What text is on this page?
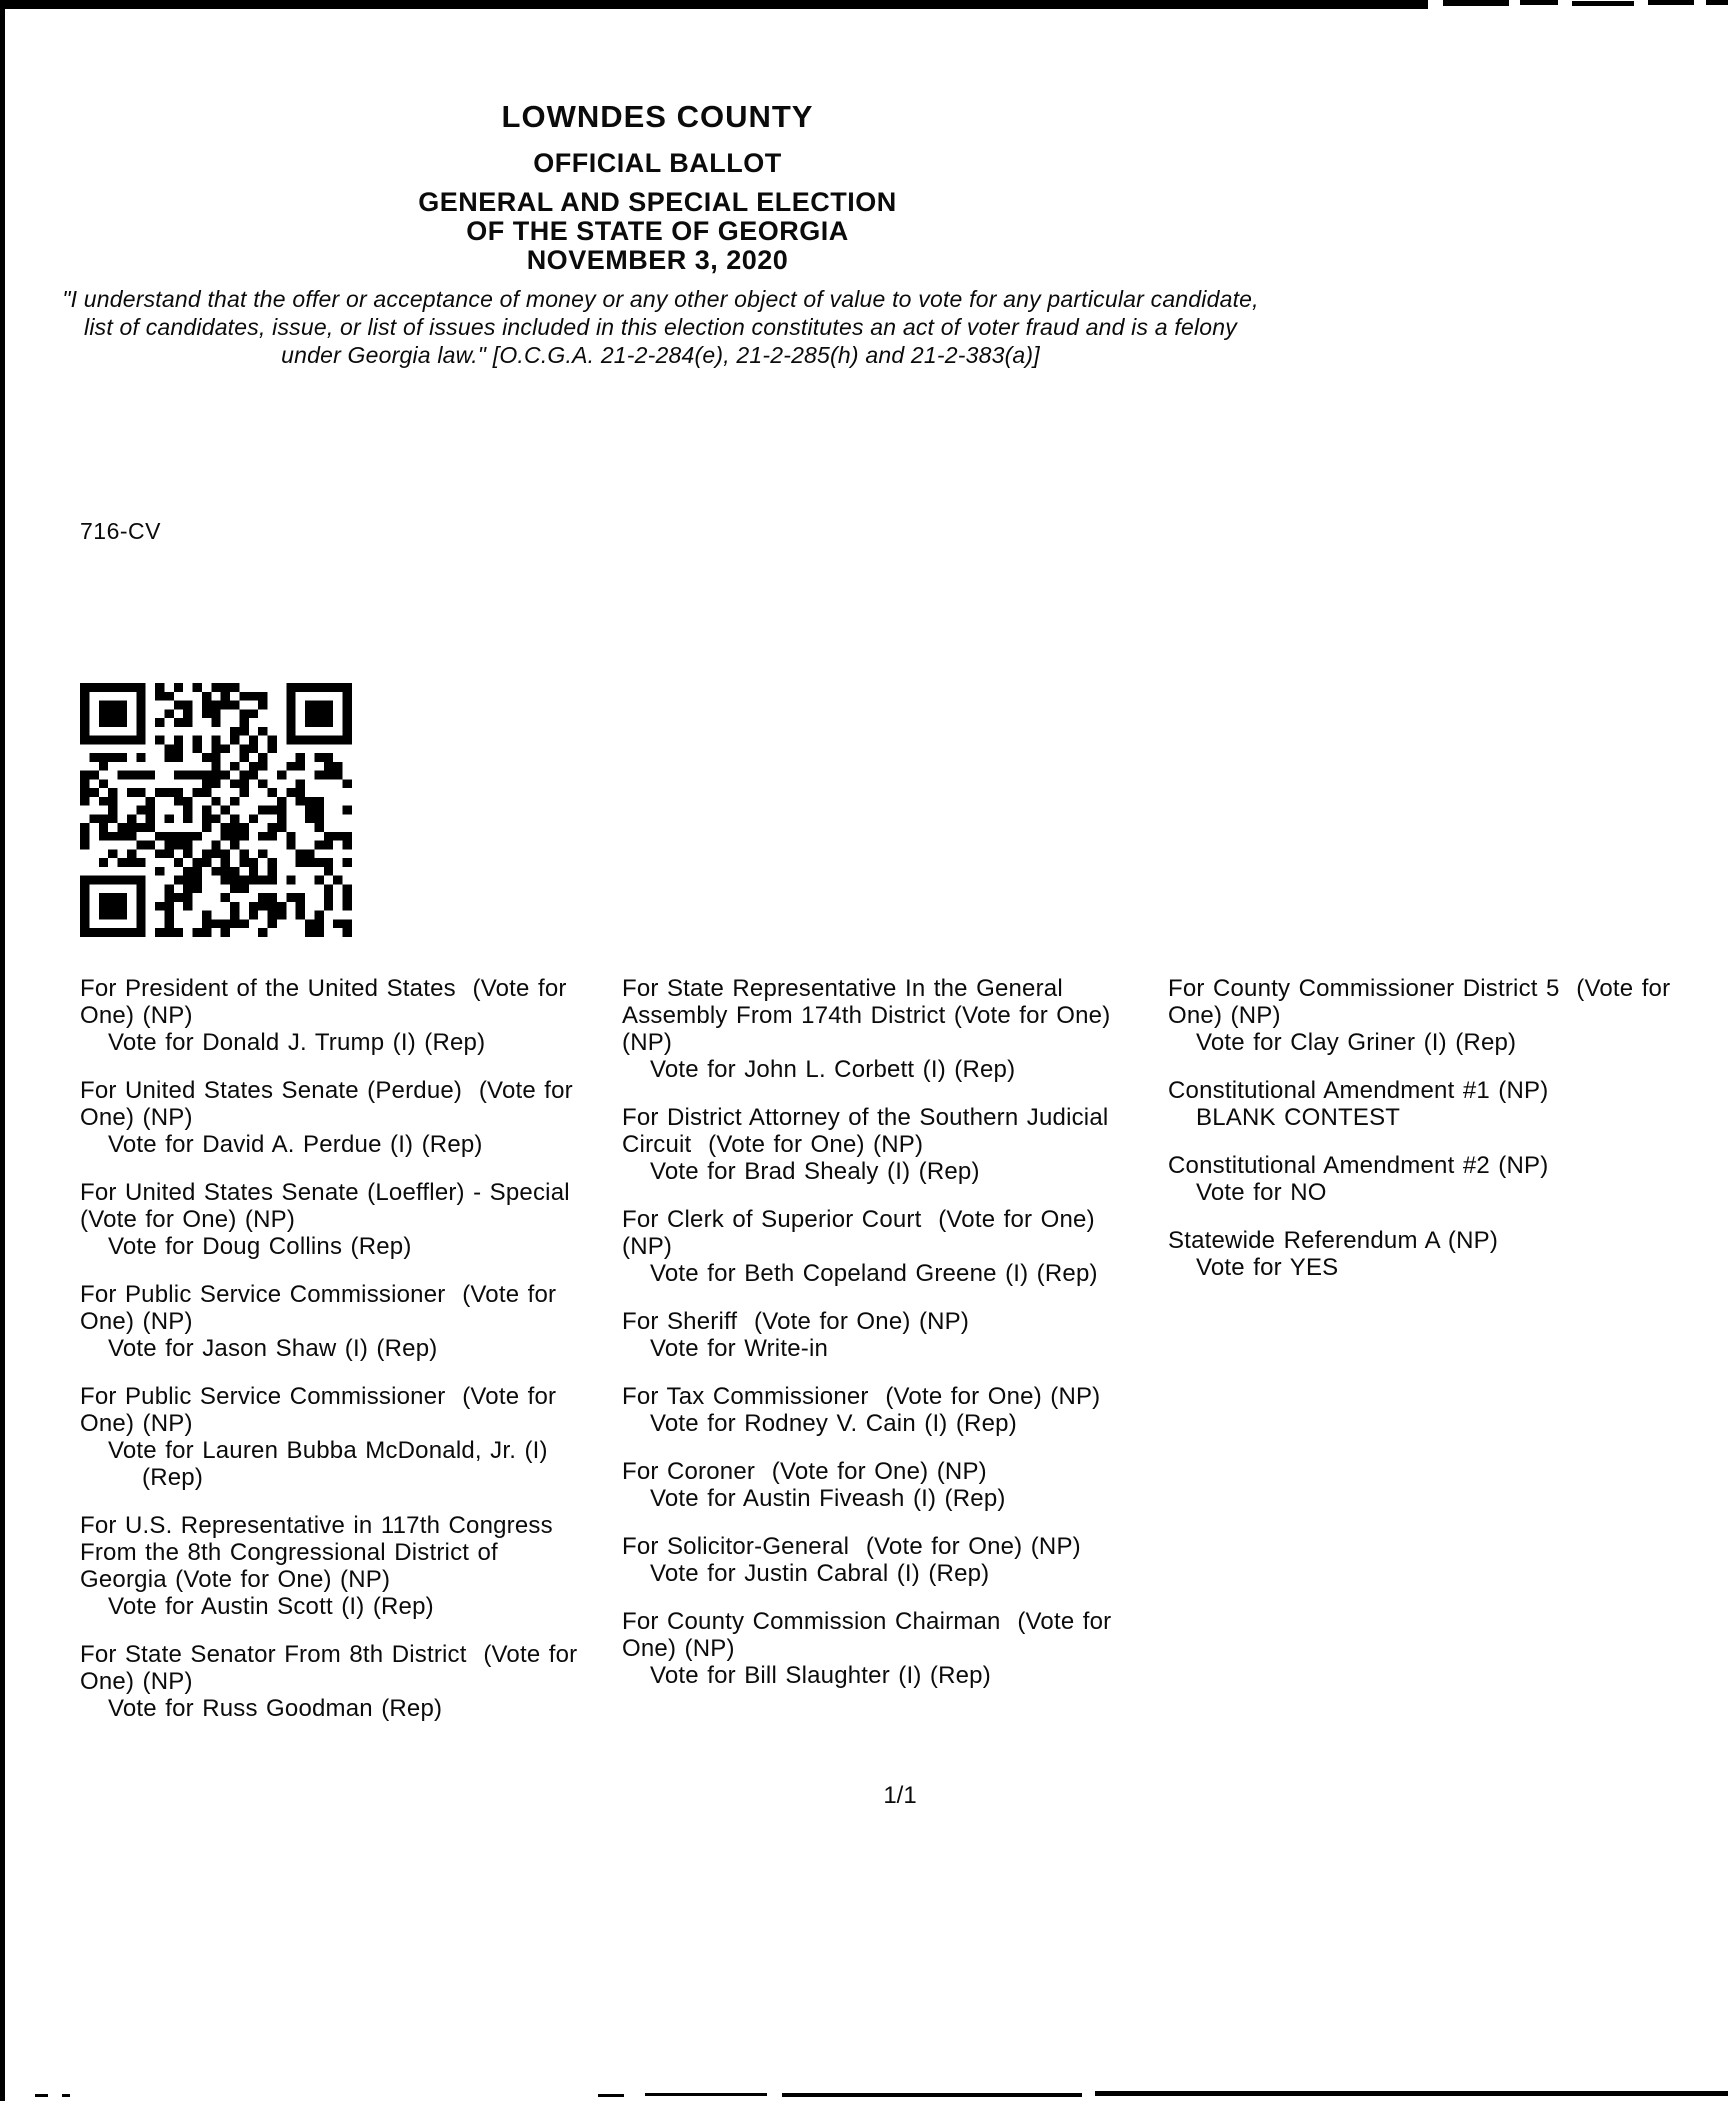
LOWNDES COUNTY
OFFICIAL BALLOT
GENERAL AND SPECIAL ELECTION
OF THE STATE OF GEORGIA
NOVEMBER 3, 2020
"I understand that the offer or acceptance of money or any other object of value to vote for any particular candidate, list of candidates, issue, or list of issues included in this election constitutes an act of voter fraud and is a felony under Georgia law." [O.C.G.A. 21-2-284(e), 21-2-285(h) and 21-2-383(a)]
716-CV
For President of the United States  (Vote for One) (NP)
Vote for Donald J. Trump (I) (Rep)
For United States Senate (Perdue)  (Vote for One) (NP)
Vote for David A. Perdue (I) (Rep)
For United States Senate (Loeffler) - Special  (Vote for One) (NP)
Vote for Doug Collins (Rep)
For Public Service Commissioner  (Vote for One) (NP)
Vote for Jason Shaw (I) (Rep)
For Public Service Commissioner  (Vote for One) (NP)
Vote for Lauren Bubba McDonald, Jr. (I) (Rep)
For U.S. Representative in 117th Congress From the 8th Congressional District of Georgia (Vote for One) (NP)
Vote for Austin Scott (I) (Rep)
For State Senator From 8th District  (Vote for One) (NP)
Vote for Russ Goodman (Rep)
For State Representative In the General Assembly From 174th District (Vote for One) (NP)
Vote for John L. Corbett (I) (Rep)
For District Attorney of the Southern Judicial Circuit  (Vote for One) (NP)
Vote for Brad Shealy (I) (Rep)
For Clerk of Superior Court  (Vote for One) (NP)
Vote for Beth Copeland Greene (I) (Rep)
For Sheriff  (Vote for One) (NP)
Vote for Write-in
For Tax Commissioner  (Vote for One) (NP)
Vote for Rodney V. Cain (I) (Rep)
For Coroner  (Vote for One) (NP)
Vote for Austin Fiveash (I) (Rep)
For Solicitor-General  (Vote for One) (NP)
Vote for Justin Cabral (I) (Rep)
For County Commission Chairman  (Vote for One) (NP)
Vote for Bill Slaughter (I) (Rep)
For County Commissioner District 5  (Vote for One) (NP)
Vote for Clay Griner (I) (Rep)
Constitutional Amendment #1 (NP)
BLANK CONTEST
Constitutional Amendment #2 (NP)
Vote for NO
Statewide Referendum A (NP)
Vote for YES
1/1
